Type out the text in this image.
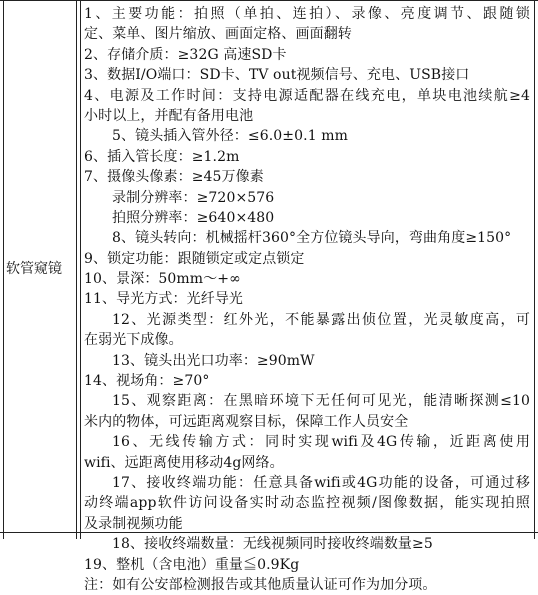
软管窥镜
1、主要功能：拍照（单拍、连拍）、录像、亮度调节、跟随锁
定、菜单、图片缩放、画面定格、画面翻转
2、存储介质：≥32G 高速SD卡
3、数据I/O端口：SD卡、TV out视频信号、充电、USB接口
4、电源及工作时间：支持电源适配器在线充电，单块电池续航≥4
小时以上，并配有备用电池
5、镜头插入管外径：≤6.0±0.1 mm
6、插入管长度：≥1.2m
7、摄像头像素：≥45万像素
录制分辨率：≥720×576
拍照分辨率：≥640×480
8、镜头转向：机械摇杆360°全方位镜头导向，弯曲角度≥150°
9、锁定功能：跟随锁定或定点锁定
10、景深：50mm～+∞
11、导光方式：光纤导光
12、光源类型：红外光，不能暴露出侦位置，光灵敏度高，可
在弱光下成像。
13、镜头出光口功率：≥90mW
14、视场角：≥70°
15、观察距离：在黑暗环境下无任何可见光，能清晰探测≤10
米内的物体，可远距离观察目标，保障工作人员安全
16、无线传输方式：同时实现wifi及4G传输，近距离使用
wifi、远距离使用移动4g网络。
17、接收终端功能：任意具备wifi或4G功能的设备，可通过移
动终端app软件访问设备实时动态监控视频/图像数据，能实现拍照
及录制视频功能
18、接收终端数量：无线视频同时接收终端数量≥5
19、整机（含电池）重量≦0.9Kg
注：如有公安部检测报告或其他质量认证可作为加分项。
